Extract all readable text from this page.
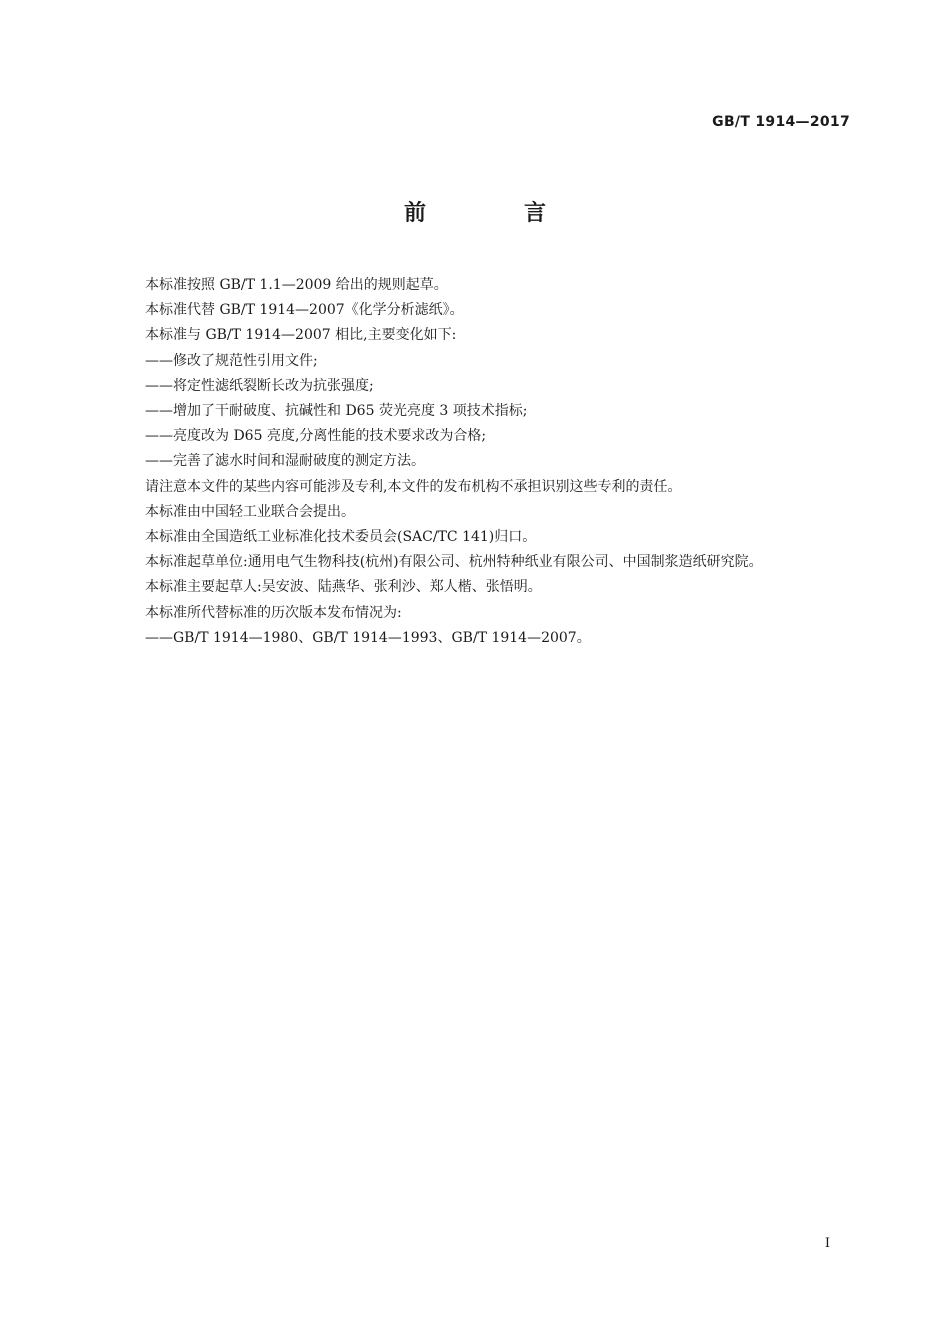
GB/T 1914—2017
前　言

本标准按照 GB/T 1.1—2009 给出的规则起草。

本标准代替 GB/T 1914—2007《化学分析滤纸》。

本标准与 GB/T 1914—2007 相比,主要变化如下:

——修改了规范性引用文件;

——将定性滤纸裂断长改为抗张强度;

——增加了干耐破度、抗碱性和 D65 荧光亮度 3 项技术指标;

——亮度改为 D65 亮度,分离性能的技术要求改为合格;

——完善了滤水时间和湿耐破度的测定方法。

请注意本文件的某些内容可能涉及专利,本文件的发布机构不承担识别这些专利的责任。

本标准由中国轻工业联合会提出。

本标准由全国造纸工业标准化技术委员会(SAC/TC 141)归口。

本标准起草单位:通用电气生物科技(杭州)有限公司、杭州特种纸业有限公司、中国制浆造纸研究院。

本标准主要起草人:吴安波、陆燕华、张利沙、郑人楷、张悟明。

本标准所代替标准的历次版本发布情况为:

——GB/T 1914—1980、GB/T 1914—1993、GB/T 1914—2007。

I
